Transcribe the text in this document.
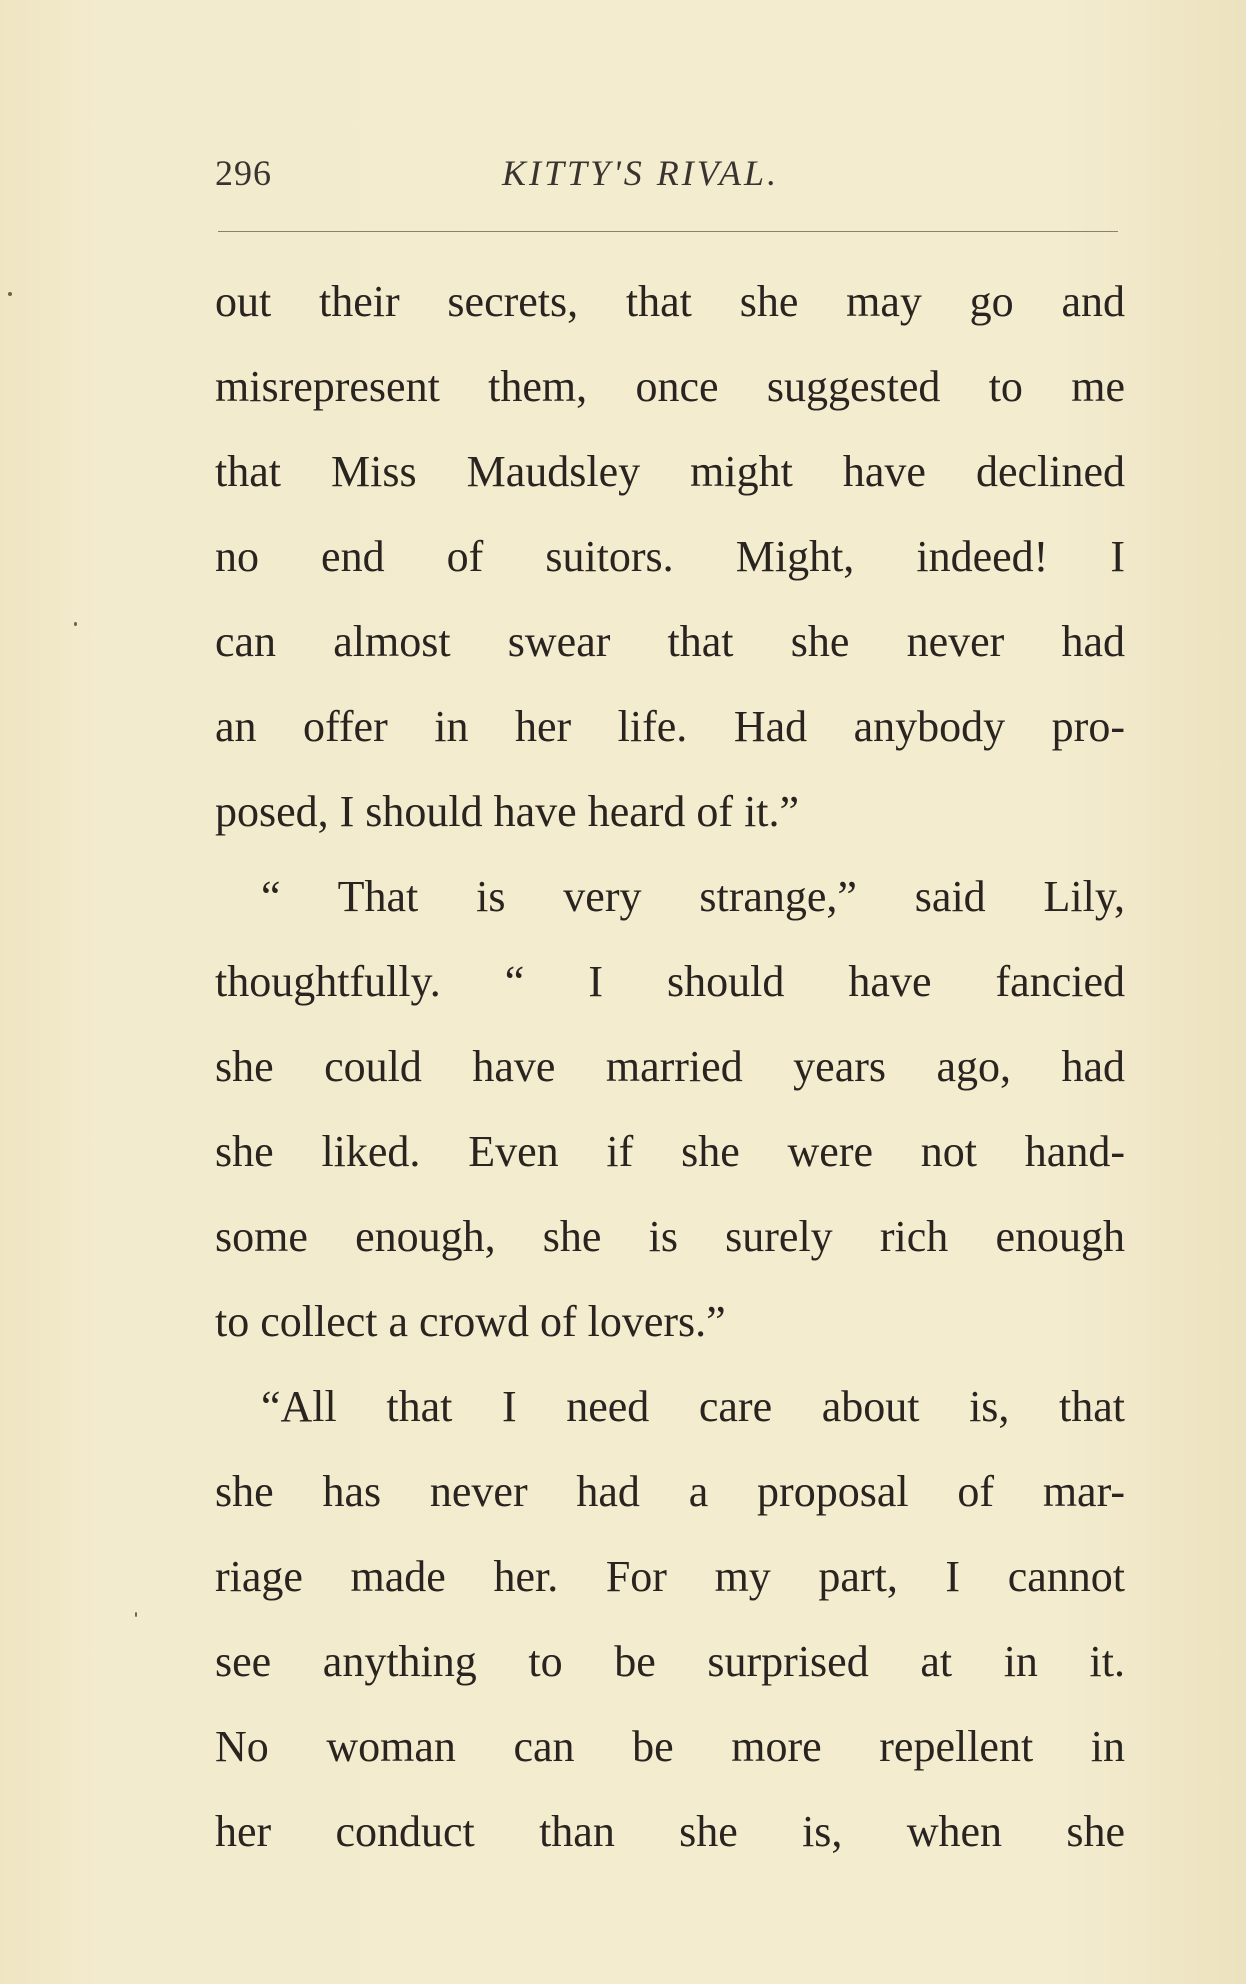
296	KITTY'S RIVAL.
out their secrets, that she may go and
misrepresent them, once suggested to me
that Miss Maudsley might have declined
no end of suitors. Might, indeed! I
can almost swear that she never had
an offer in her life. Had anybody pro-
posed, I should have heard of it.”
“ That is very strange,” said Lily,
thoughtfully. “ I should have fancied
she could have married years ago, had
she liked. Even if she were not hand-
some enough, she is surely rich enough
to collect a crowd of lovers.”
“All that I need care about is, that
she has never had a proposal of mar-
riage made her. For my part, I cannot
see anything to be surprised at in it.
No woman can be more repellent in
her conduct than she is, when she
